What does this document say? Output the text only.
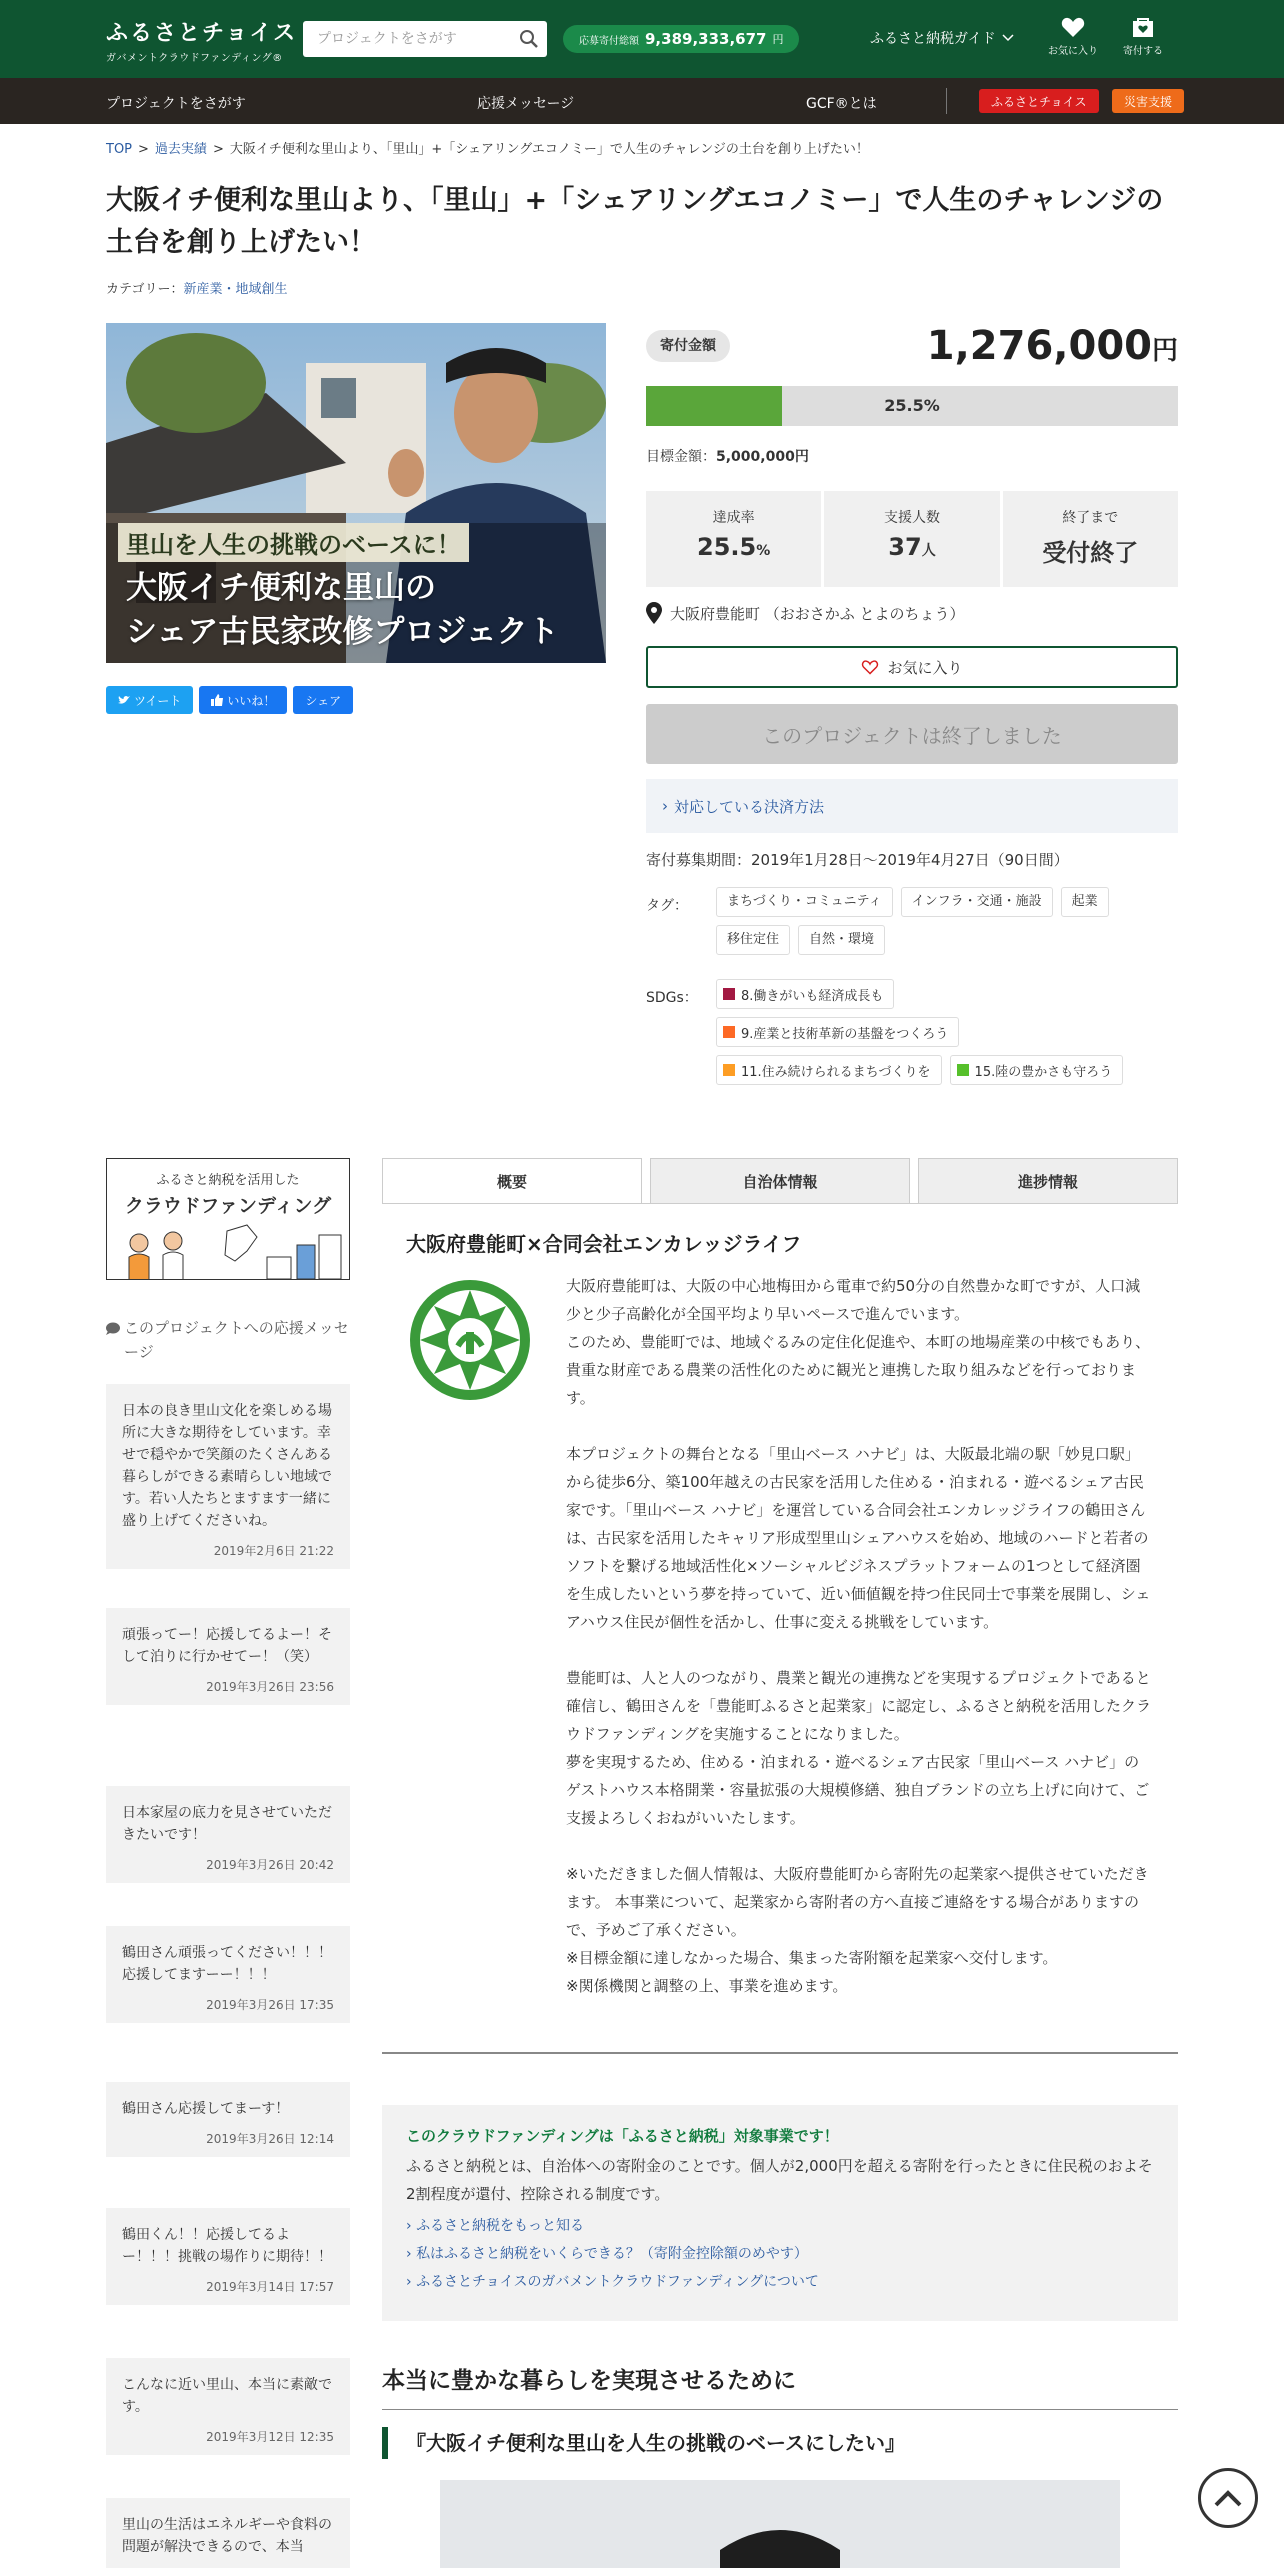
ふるさとチョイス
ガバメントクラウドファンディング®
プロジェクトをさがす
応募寄付総額 9,389,333,677 円	ふるさと納税ガイド
お気に入り	寄付する
プロジェクトをさがす	応援メッセージ	GCF®とは	ふるさとチョイス	災害支援
TOP > 過去実績 > 大阪イチ便利な里山より、「里山」+「シェアリングエコノミー」で人生のチャレンジの土台を創り上げたい！
大阪イチ便利な里山より、「里山」+「シェアリングエコノミー」で人生のチャレンジの土台を創り上げたい！
カテゴリー：新産業・地域創生
里山を人生の挑戦のベースに！
大阪イチ便利な里山の
シェア古民家改修プロジェクト
ツイート	いいね！	シェア
寄付金額	1,276,000円
25.5%
目標金額：5,000,000円
達成率
25.5%
支援人数
37人
終了まで
受付終了
大阪府豊能町 （おおさかふ とよのちょう）
お気に入り
このプロジェクトは終了しました
› 対応している決済方法
寄付募集期間：2019年1月28日～2019年4月27日（90日間）
タグ：	まちづくり・コミュニティ	インフラ・交通・施設	起業
移住定住	自然・環境
SDGs：	8.働きがいも経済成長も
9.産業と技術革新の基盤をつくろう
11.住み続けられるまちづくりを	15.陸の豊かさも守ろう
ふるさと納税を活用した
クラウドファンディング
このプロジェクトへの応援メッセージ
日本の良き里山文化を楽しめる場所に大きな期待をしています。幸せで穏やかで笑顔のたくさんある暮らしができる素晴らしい地域です。若い人たちとますます一緒に盛り上げてくださいね。
2019年2月6日 21:22
頑張ってー！応援してるよー！そして泊りに行かせてー！（笑）
2019年3月26日 23:56
日本家屋の底力を見させていただきたいです！
2019年3月26日 20:42
鶴田さん頑張ってください！！！応援してますーー！！！
2019年3月26日 17:35
鶴田さん応援してまーす！
2019年3月26日 12:14
鶴田くん！！応援してるよー！！！挑戦の場作りに期待！！
2019年3月14日 17:57
こんなに近い里山、本当に素敵です。
2019年3月12日 12:35
里山の生活はエネルギーや食料の問題が解決できるので、本当
概要	自治体情報	進捗情報
大阪府豊能町×合同会社エンカレッジライフ

大阪府豊能町は、大阪の中心地梅田から電車で約50分の自然豊かな町ですが、人口減少と少子高齢化が全国平均より早いペースで進んでいます。
このため、豊能町では、地域ぐるみの定住化促進や、本町の地場産業の中核でもあり、貴重な財産である農業の活性化のために観光と連携した取り組みなどを行っております。

本プロジェクトの舞台となる「里山ベース ハナビ」は、大阪最北端の駅「妙見口駅」から徒歩6分、築100年越えの古民家を活用した住める・泊まれる・遊べるシェア古民家です。「里山ベース ハナビ」を運営している合同会社エンカレッジライフの鶴田さんは、古民家を活用したキャリア形成型里山シェアハウスを始め、地域のハードと若者のソフトを繋げる地域活性化×ソーシャルビジネスプラットフォームの1つとして経済圏を生成したいという夢を持っていて、近い価値観を持つ住民同士で事業を展開し、シェアハウス住民が個性を活かし、仕事に変える挑戦をしています。

豊能町は、人と人のつながり、農業と観光の連携などを実現するプロジェクトであると確信し、鶴田さんを「豊能町ふるさと起業家」に認定し、ふるさと納税を活用したクラウドファンディングを実施することになりました。
夢を実現するため、住める・泊まれる・遊べるシェア古民家「里山ベース ハナビ」のゲストハウス本格開業・容量拡張の大規模修繕、独自ブランドの立ち上げに向けて、ご支援よろしくおねがいいたします。

※いただきました個人情報は、大阪府豊能町から寄附先の起業家へ提供させていただきます。 本事業について、起業家から寄附者の方へ直接ご連絡をする場合がありますので、予めご了承ください。
※目標金額に達しなかった場合、集まった寄附額を起業家へ交付します。
※関係機関と調整の上、事業を進めます。

このクラウドファンディングは「ふるさと納税」対象事業です！
ふるさと納税とは、自治体への寄附金のことです。個人が2,000円を超える寄附を行ったときに住民税のおよそ2割程度が還付、控除される制度です。
› ふるさと納税をもっと知る
› 私はふるさと納税をいくらできる？（寄附金控除額のめやす）
› ふるさとチョイスのガバメントクラウドファンディングについて
本当に豊かな暮らしを実現させるために
『大阪イチ便利な里山を人生の挑戦のベースにしたい』
